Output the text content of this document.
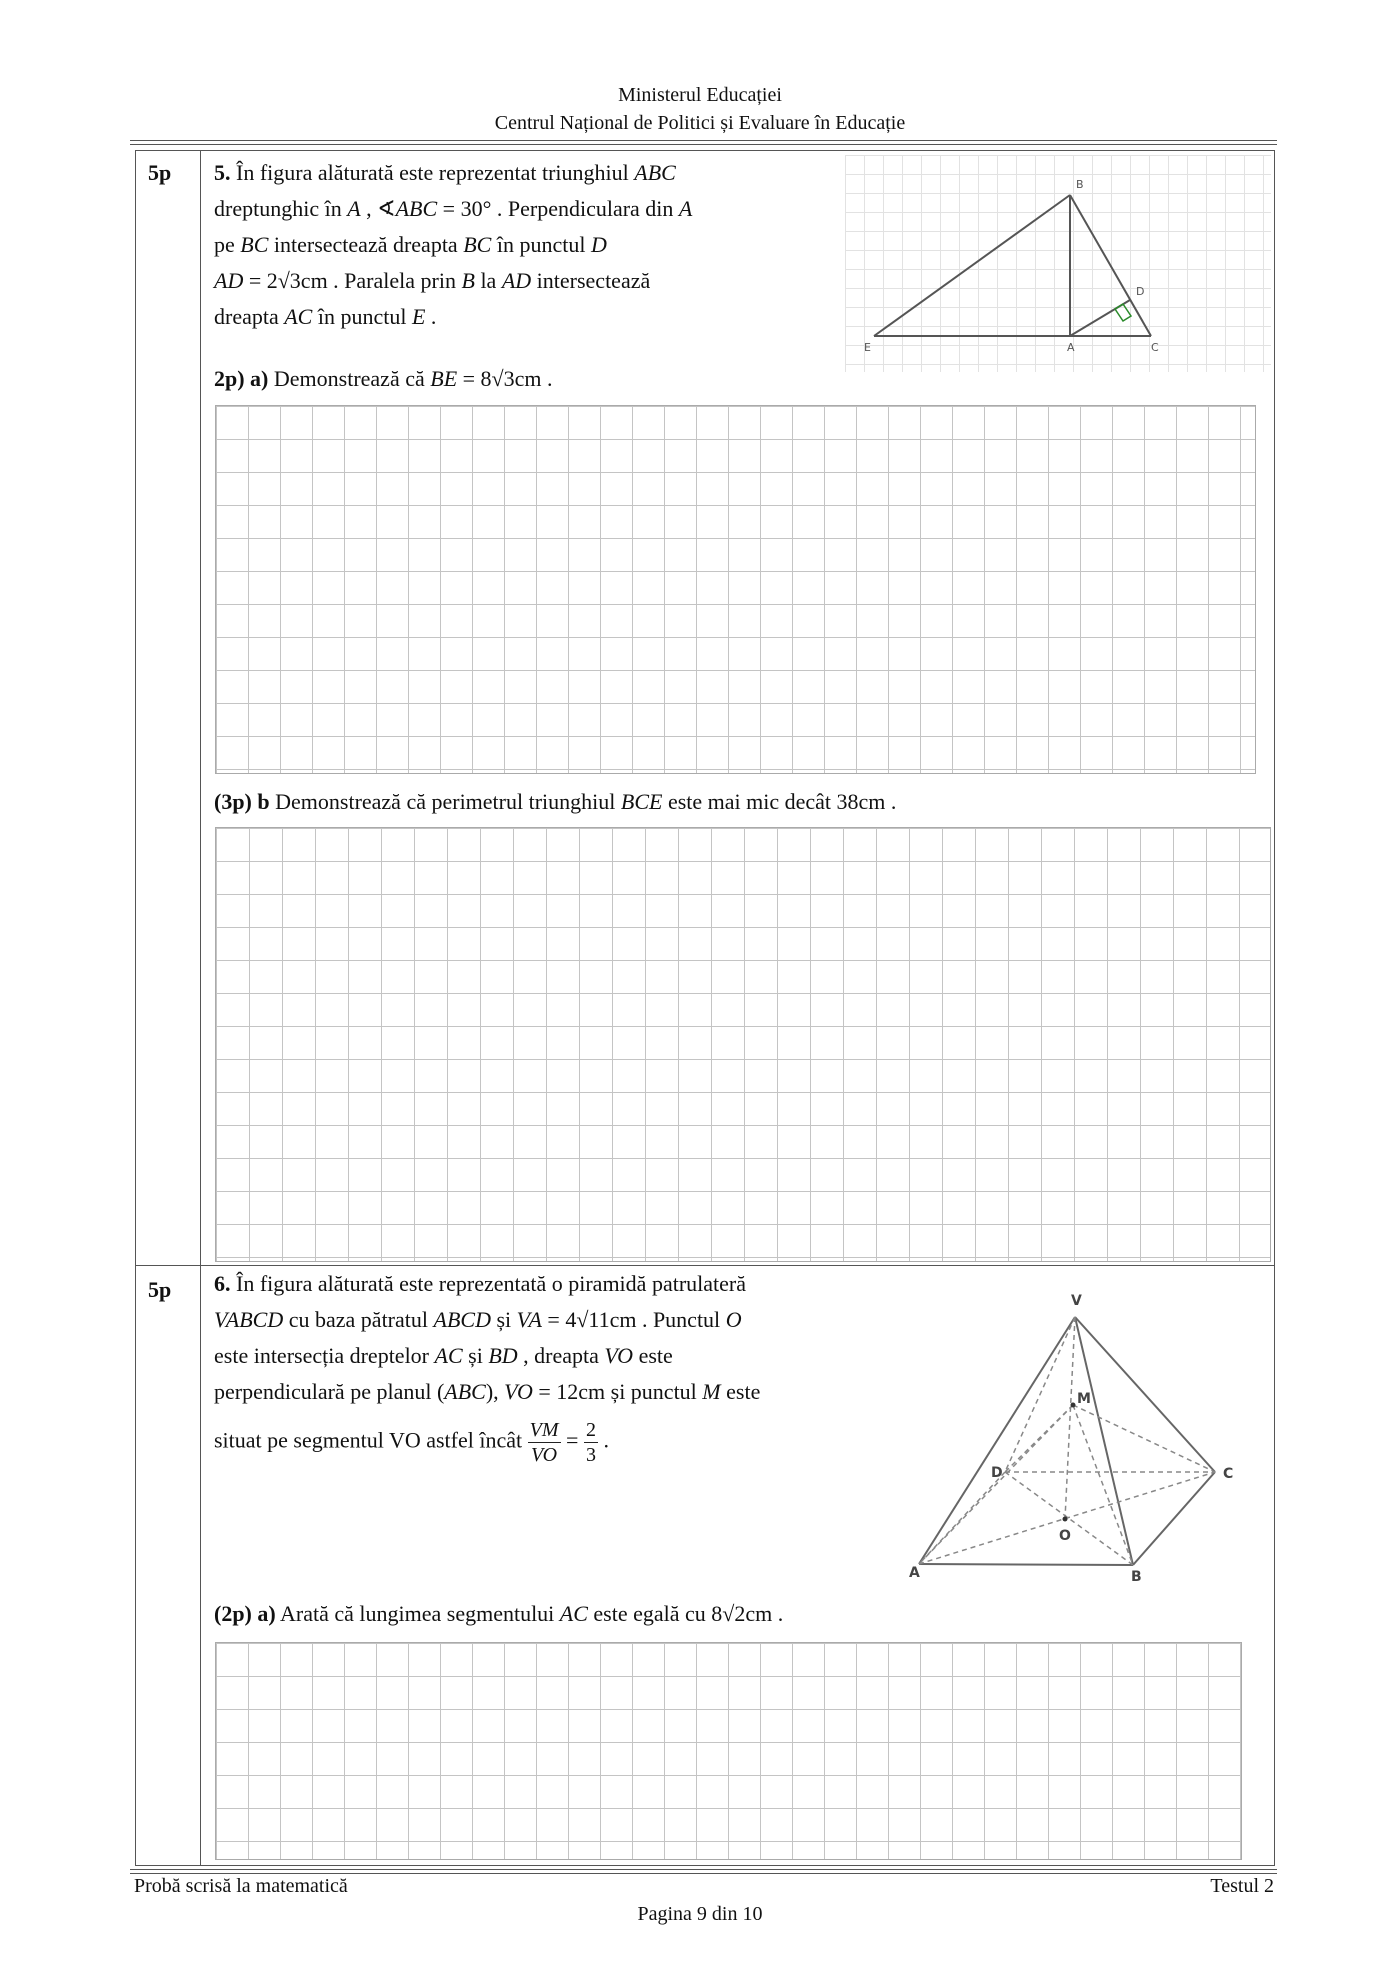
Ministerul Educației
Centrul Național de Politici și Evaluare în Educație
5p 5. În figura alăturată este reprezentat triunghiul ABC
dreptunghic în A , ∢ABC = 30° . Perpendiculara din A
pe BC intersectează dreapta BC în punctul D
AD = 2√3cm . Paralela prin B la AD intersectează
dreapta AC în punctul E .
B
D
E	A	C
2p) a) Demonstrează că BE = 8√3cm .
(3p) b Demonstrează că perimetrul triunghiul BCE este mai mic decât 38cm .
5p 6. În figura alăturată este reprezentată o piramidă patrulateră
VABCD cu baza pătratul ABCD și VA = 4√11cm . Punctul O
este intersecția dreptelor AC și BD , dreapta VO este
perpendiculară pe planul (ABC), VO = 12cm și punctul M este
situat pe segmentul VO astfel încât $\frac{VM}{VO} = \frac{2}{3}$ .
V
M
D	C
O
A	B
(2p) a) Arată că lungimea segmentului AC este egală cu 8√2cm .
Probă scrisă la matematică	Testul 2
Pagina 9 din 10
